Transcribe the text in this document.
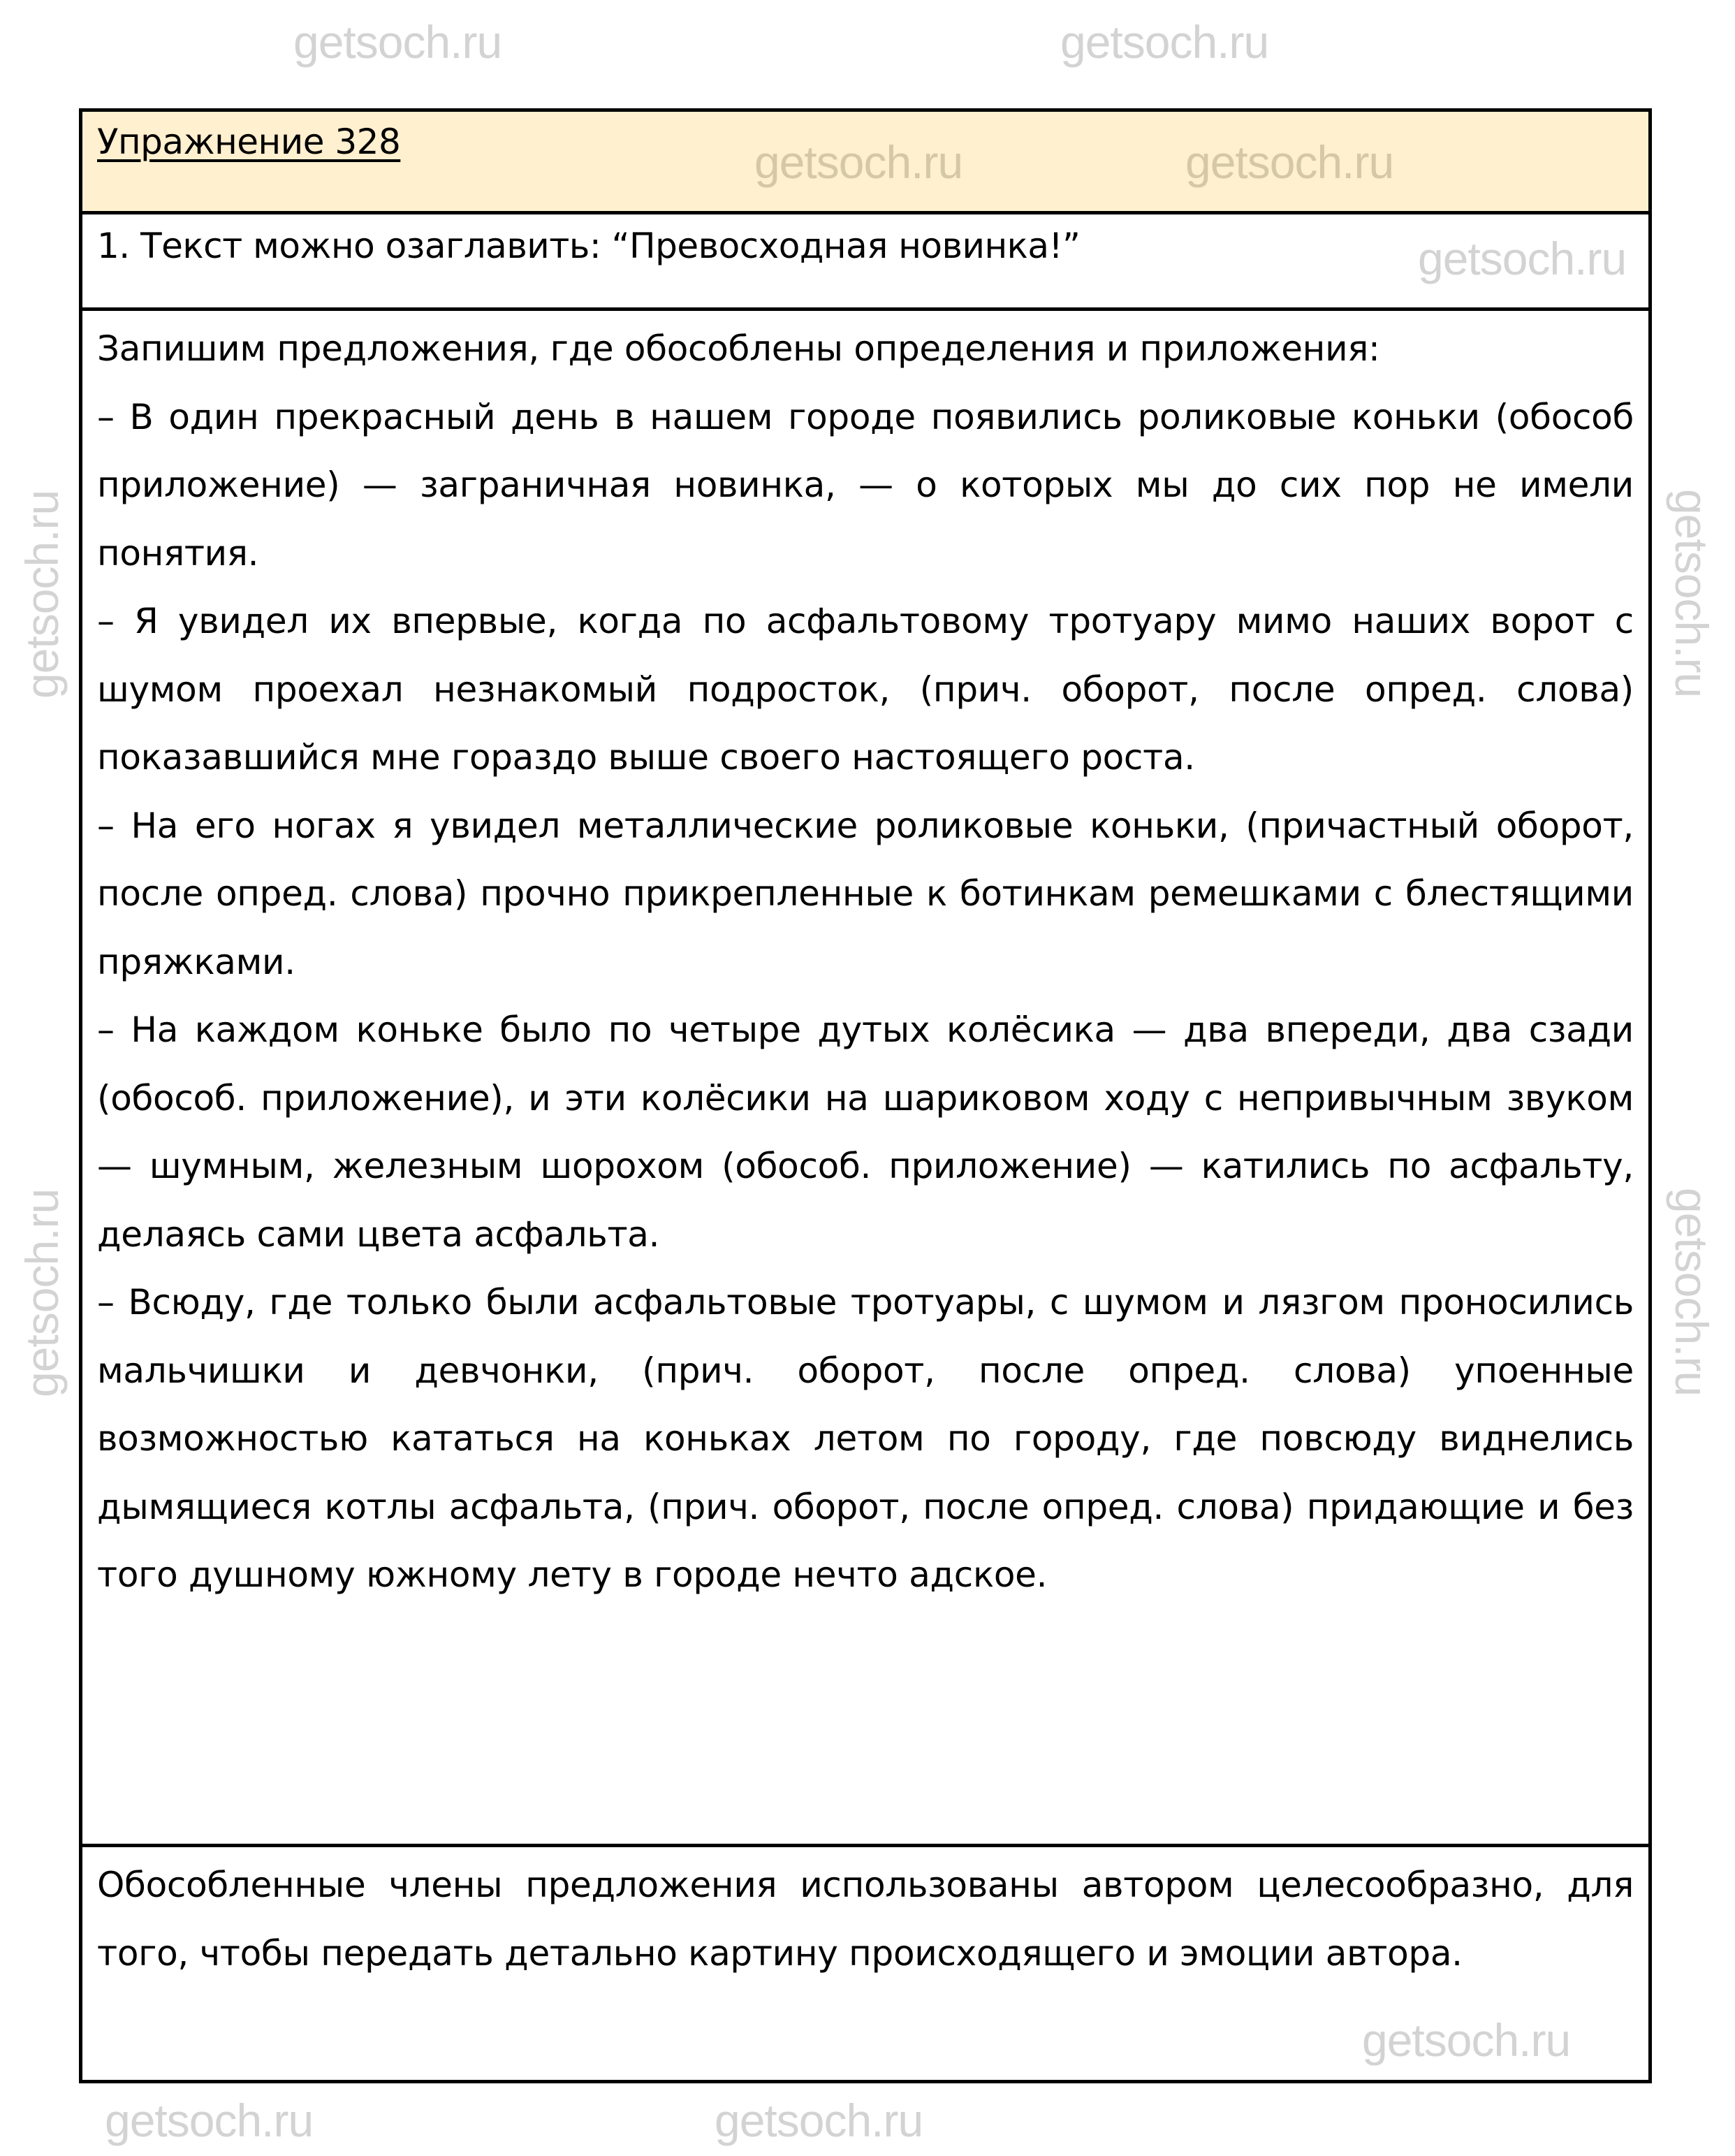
getsoch.ru
getsoch.ru
getsoch.ru
getsoch.ru
getsoch.ru
getsoch.ru
getsoch.ru	getsoch.ru
getsoch.ru
getsoch.ru
getsoch.ru
getsoch.ru
Упражнение 328
1. Текст можно озаглавить: “Превосходная новинка!”

Запишим предложения, где обособлены определения и приложения:

– В один прекрасный день в нашем городе появились роликовые коньки (обособ приложение) — заграничная новинка, — о которых мы до сих пор не имели понятия.

– Я увидел их впервые, когда по асфальтовому тротуару мимо наших ворот с шумом проехал незнакомый подросток, (прич. оборот, после опред. слова) показавшийся мне гораздо выше своего настоящего роста.

– На его ногах я увидел металлические роликовые коньки, (причастный оборот, после опред. слова) прочно прикрепленные к ботинкам ремешками с блестящими пряжками.

– На каждом коньке было по четыре дутых колёсика — два впереди, два сзади (обособ. приложение), и эти колёсики на шариковом ходу с непривычным звуком — шумным, железным шорохом (обособ. приложение) — катились по асфальту, делаясь сами цвета асфальта.

– Всюду, где только были асфальтовые тротуары, с шумом и лязгом проносились мальчишки и девчонки, (прич. оборот, после опред. слова) упоенные возможностью кататься на коньках летом по городу, где повсюду виднелись дымящиеся котлы асфальта, (прич. оборот, после опред. слова) придающие и без того душному южному лету в городе нечто адское.

Обособленные члены предложения использованы автором целесообразно, для того, чтобы передать детально картину происходящего и эмоции автора.
